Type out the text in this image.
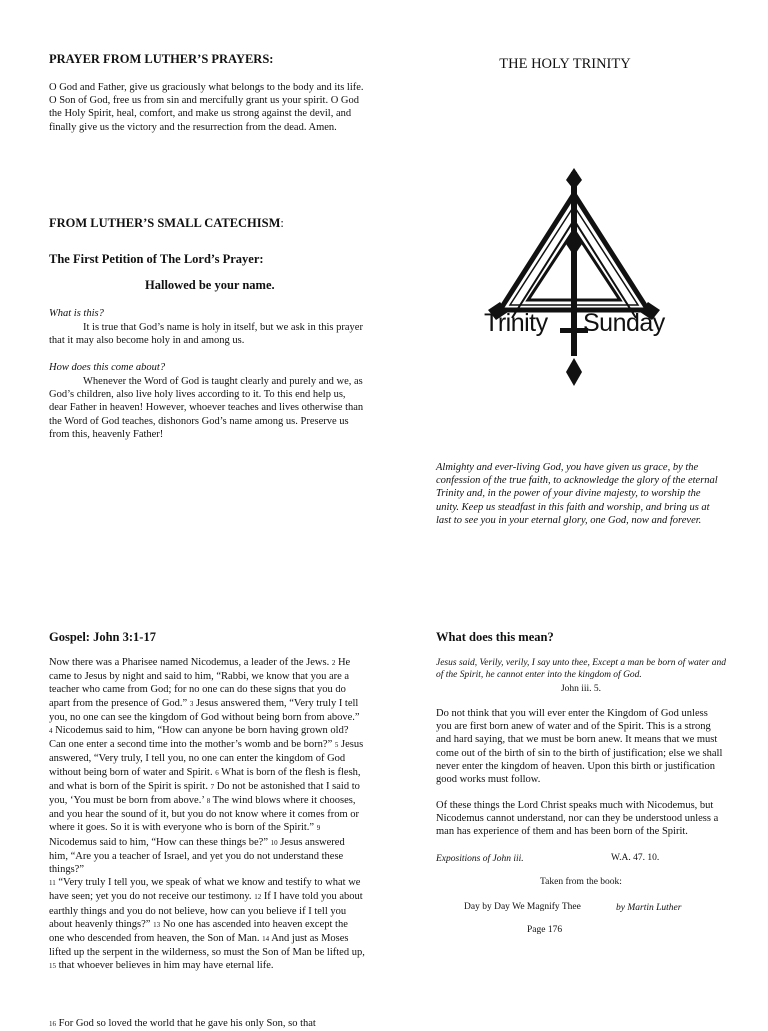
PRAYER FROM LUTHER’S PRAYERS:

O God and Father, give us graciously what belongs to the body and its life. O Son of God, free us from sin and mercifully grant us your spirit. O God the Holy Spirit, heal, comfort, and make us strong against the devil, and finally give us the victory and the resurrection from the dead. Amen.

FROM LUTHER’S SMALL CATECHISM:
The First Petition of The Lord’s Prayer:
Hallowed be your name.

What is this?

It is true that God’s name is holy in itself, but we ask in this prayer that it may also become holy in and among us.

How does this come about?

Whenever the Word of God is taught clearly and purely and we, as God’s children, also live holy lives according to it. To this end help us, dear Father in heaven! However, whoever teaches and lives otherwise than the Word of God teaches, dishonors God’s name among us. Preserve us from this, heavenly Father!

THE HOLY TRINITY
Trinity Sunday

Almighty and ever-living God, you have given us grace, by the confession of the true faith, to acknowledge the glory of the eternal Trinity and, in the power of your divine majesty, to worship the unity. Keep us steadfast in this faith and worship, and bring us at last to see you in your eternal glory, one God, now and forever.

Gospel: John 3:1-17

Now there was a Pharisee named Nicodemus, a leader of the Jews. 2 He came to Jesus by night and said to him, “Rabbi, we know that you are a teacher who came from God; for no one can do these signs that you do apart from the presence of God.” 3 Jesus answered them, “Very truly I tell you, no one can see the kingdom of God without being born from above.” 4 Nicodemus said to him, “How can anyone be born having grown old? Can one enter a second time into the mother’s womb and be born?” 5 Jesus answered, “Very truly, I tell you, no one can enter the kingdom of God without being born of water and Spirit. 6 What is born of the flesh is flesh, and what is born of the Spirit is spirit. 7 Do not be astonished that I said to you, ‘You must be born from above.’ 8 The wind blows where it chooses, and you hear the sound of it, but you do not know where it comes from or where it goes. So it is with everyone who is born of the Spirit.” 9 Nicodemus said to him, “How can these things be?” 10 Jesus answered him, “Are you a teacher of Israel, and yet you do not understand these things?”
11 “Very truly I tell you, we speak of what we know and testify to what we have seen; yet you do not receive our testimony. 12 If I have told you about earthly things and you do not believe, how can you believe if I tell you about heavenly things?” 13 No one has ascended into heaven except the one who descended from heaven, the Son of Man. 14 And just as Moses lifted up the serpent in the wilderness, so must the Son of Man be lifted up, 15 that whoever believes in him may have eternal life.

16 For God so loved the world that he gave his only Son, so that

What does this mean?

Jesus said, Verily, verily, I say unto thee, Except a man be born of water and of the Spirit, he cannot enter into the kingdom of God.

John iii. 5.

Do not think that you will ever enter the Kingdom of God unless you are first born anew of water and of the Spirit. This is a strong and hard saying, that we must be born anew. It means that we must come out of the birth of sin to the birth of justification; else we shall never enter the kingdom of heaven. Upon this birth or justification good works must follow.

Of these things the Lord Christ speaks much with Nicodemus, but Nicodemus cannot understand, nor can they be understood unless a man has experience of them and has been born of the Spirit.

Expositions of John iii.	W.A. 47. 10.
Taken from the book:
Day by Day We Magnify Thee	by Martin Luther
Page 176
